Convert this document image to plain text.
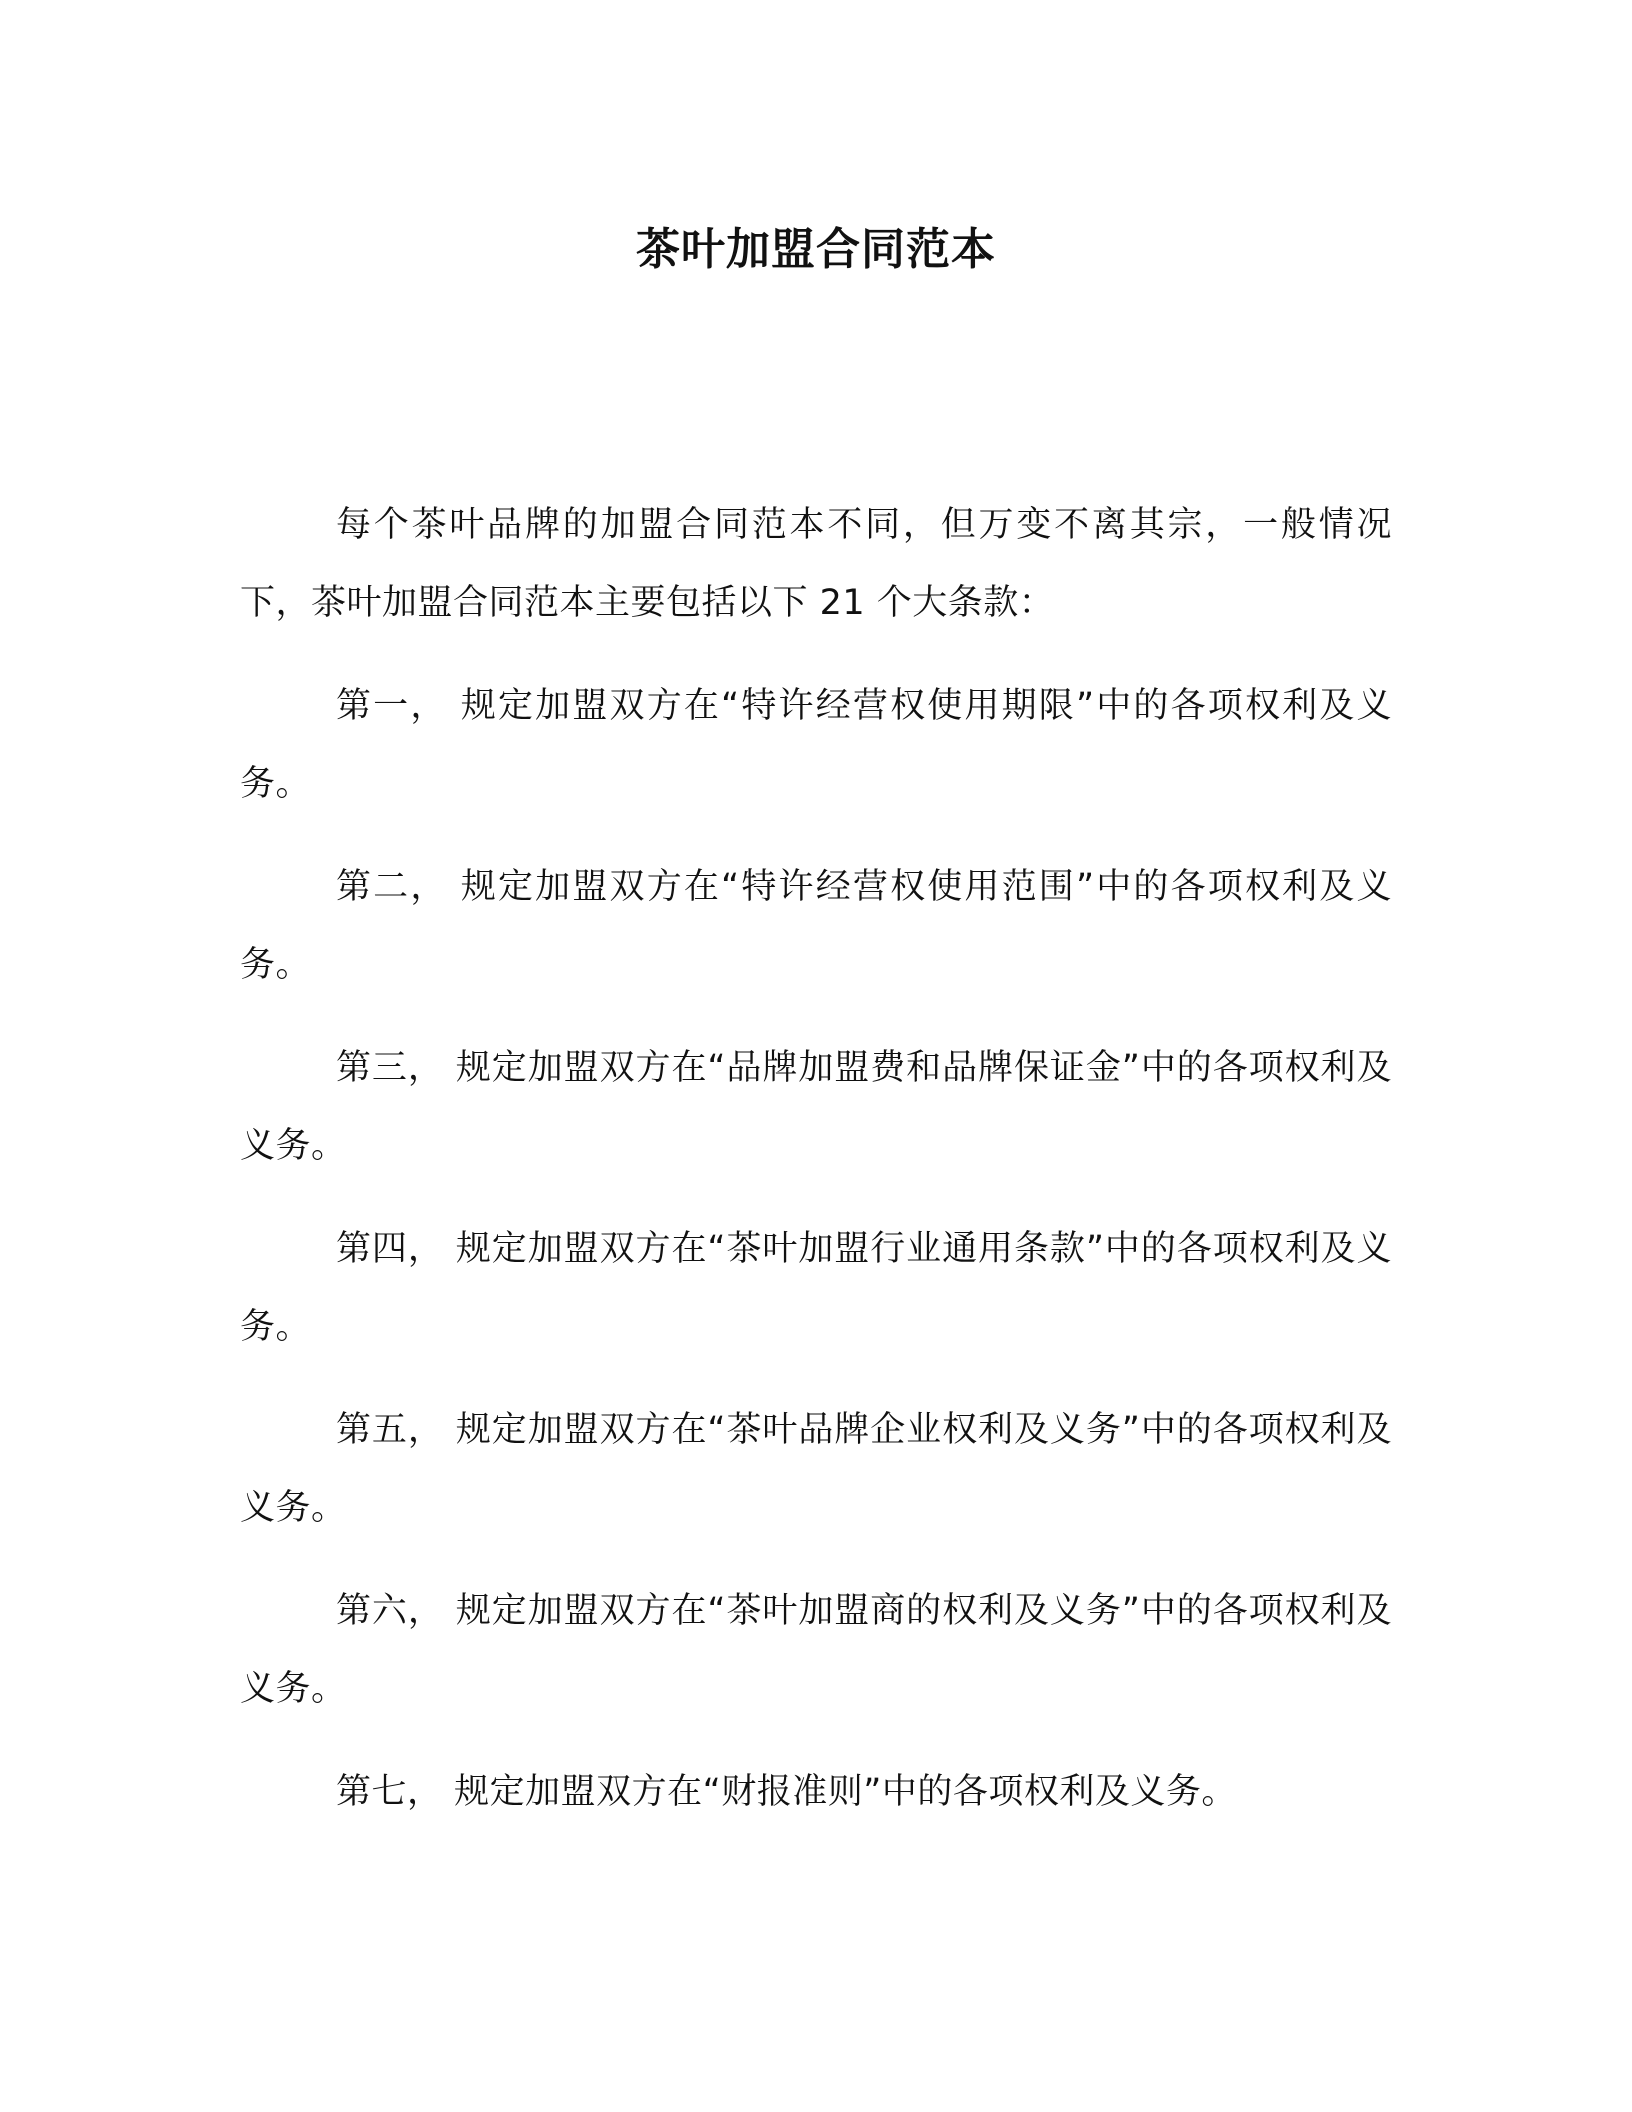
茶叶加盟合同范本

每个茶叶品牌的加盟合同范本不同，但万变不离其宗，一般情况下，茶叶加盟合同范本主要包括以下 21 个大条款：

第一， 规定加盟双方在“特许经营权使用期限”中的各项权利及义务。

第二， 规定加盟双方在“特许经营权使用范围”中的各项权利及义务。

第三， 规定加盟双方在“品牌加盟费和品牌保证金”中的各项权利及义务。

第四， 规定加盟双方在“茶叶加盟行业通用条款”中的各项权利及义务。

第五， 规定加盟双方在“茶叶品牌企业权利及义务”中的各项权利及义务。

第六， 规定加盟双方在“茶叶加盟商的权利及义务”中的各项权利及义务。

第七， 规定加盟双方在“财报准则”中的各项权利及义务。
